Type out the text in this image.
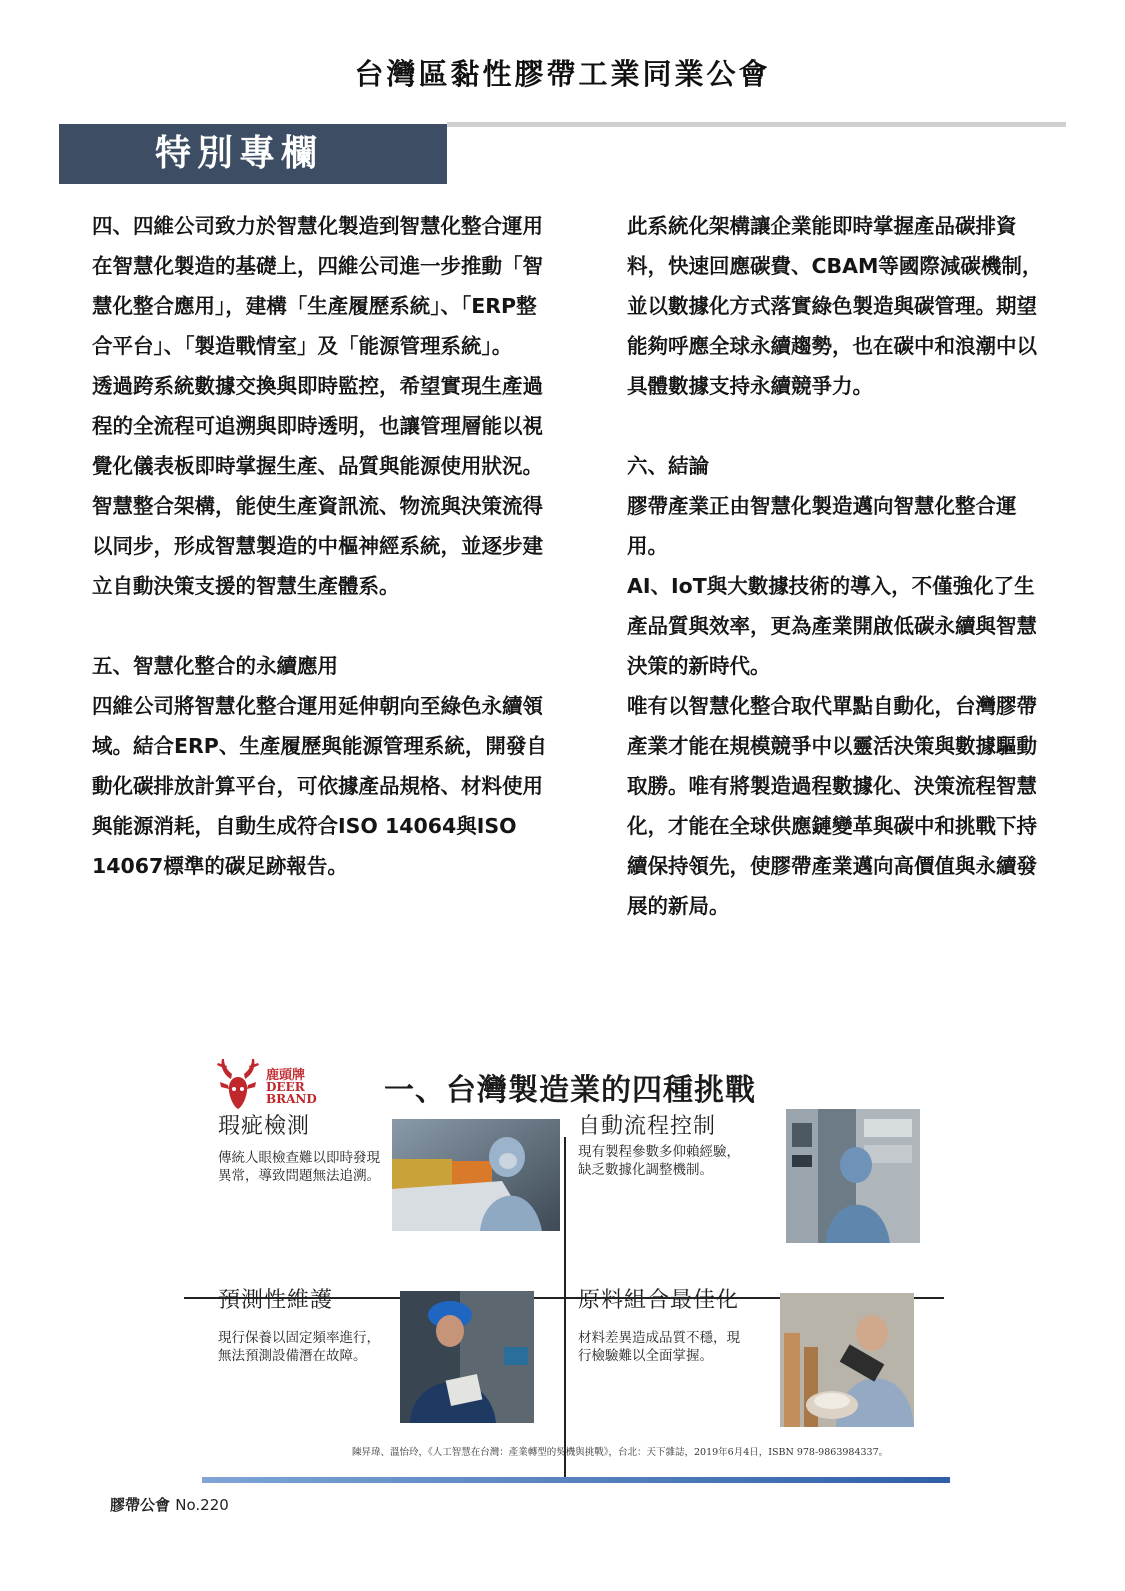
台灣區黏性膠帶工業同業公會
特別專欄

四、四維公司致力於智慧化製造到智慧化整合運用

在智慧化製造的基礎上，四維公司進一步推動「智慧化整合應用」，建構「生產履歷系統」、「ERP整合平台」、「製造戰情室」及「能源管理系統」。

透過跨系統數據交換與即時監控，希望實現生產過程的全流程可追溯與即時透明，也讓管理層能以視覺化儀表板即時掌握生產、品質與能源使用狀況。

智慧整合架構，能使生產資訊流、物流與決策流得以同步，形成智慧製造的中樞神經系統，並逐步建立自動決策支援的智慧生產體系。

五、智慧化整合的永續應用

四維公司將智慧化整合運用延伸朝向至綠色永續領域。結合ERP、生產履歷與能源管理系統，開發自動化碳排放計算平台，可依據產品規格、材料使用與能源消耗，自動生成符合ISO 14064與ISO 14067標準的碳足跡報告。

此系統化架構讓企業能即時掌握產品碳排資料，快速回應碳費、CBAM等國際減碳機制，並以數據化方式落實綠色製造與碳管理。期望能夠呼應全球永續趨勢，也在碳中和浪潮中以具體數據支持永續競爭力。

六、結論

膠帶產業正由智慧化製造邁向智慧化整合運用。

AI、IoT與大數據技術的導入，不僅強化了生產品質與效率，更為產業開啟低碳永續與智慧決策的新時代。

唯有以智慧化整合取代單點自動化，台灣膠帶產業才能在規模競爭中以靈活決策與數據驅動取勝。唯有將製造過程數據化、決策流程智慧化，才能在全球供應鏈變革與碳中和挑戰下持續保持領先，使膠帶產業邁向高價值與永續發展的新局。

鹿頭牌
DEER
BRAND 一、台灣製造業的四種挑戰
瑕疵檢測
傳統人眼檢查難以即時發現異常，導致問題無法追溯。
自動流程控制
現有製程參數多仰賴經驗，缺乏數據化調整機制。
預測性維護
現行保養以固定頻率進行，無法預測設備潛在故障。
原料組合最佳化
材料差異造成品質不穩，現行檢驗難以全面掌握。
陳昇瑋、溫怡玲，《人工智慧在台灣：產業轉型的契機與挑戰》，台北：天下雜誌，2019年6月4日，ISBN 978-9863984337。
膠帶公會 No.220
